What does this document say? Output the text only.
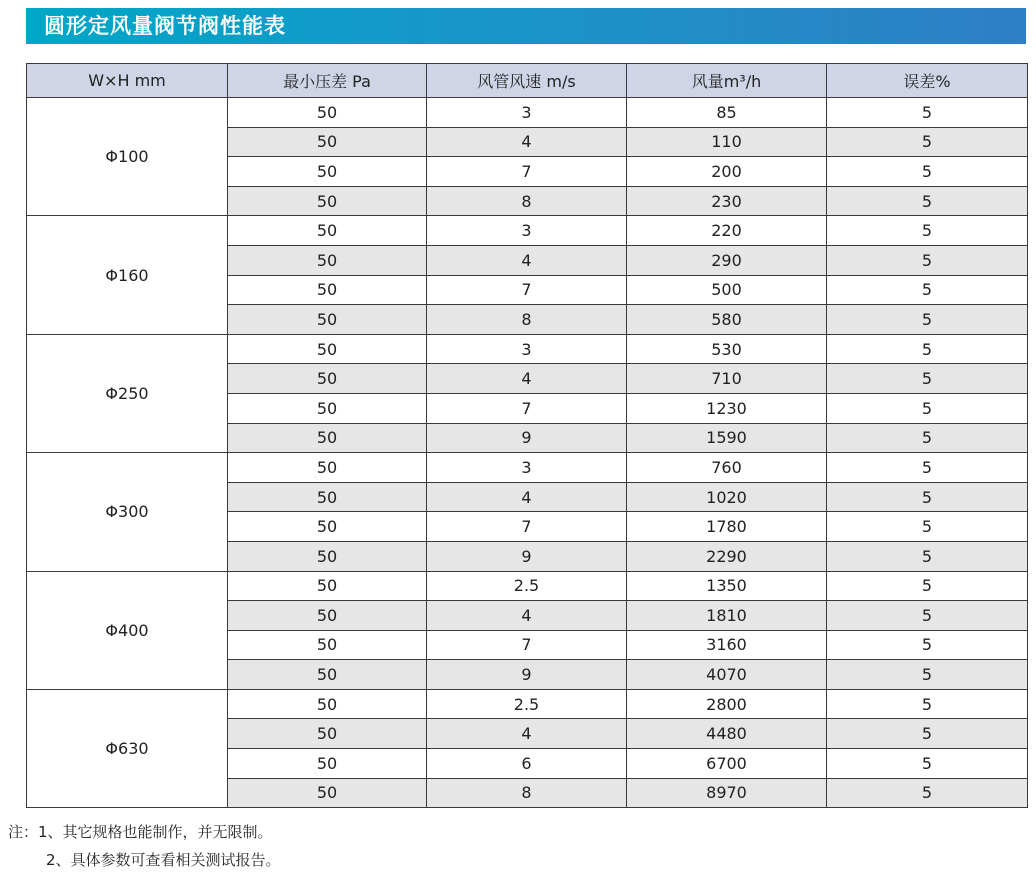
圆形定风量阀节阀性能表
W×H mm	最小压差 Pa	风管风速 m/s	风量m³/h	误差%
Φ100	50	3	85	5
	50	4	110	5
	50	7	200	5
	50	8	230	5
Φ160	50	3	220	5
	50	4	290	5
	50	7	500	5
	50	8	580	5
Φ250	50	3	530	5
	50	4	710	5
	50	7	1230	5
	50	9	1590	5
Φ300	50	3	760	5
	50	4	1020	5
	50	7	1780	5
	50	9	2290	5
Φ400	50	2.5	1350	5
	50	4	1810	5
	50	7	3160	5
	50	9	4070	5
Φ630	50	2.5	2800	5
	50	4	4480	5
	50	6	6700	5
	50	8	8970	5
注：1、其它规格也能制作，并无限制。
2、具体参数可查看相关测试报告。
